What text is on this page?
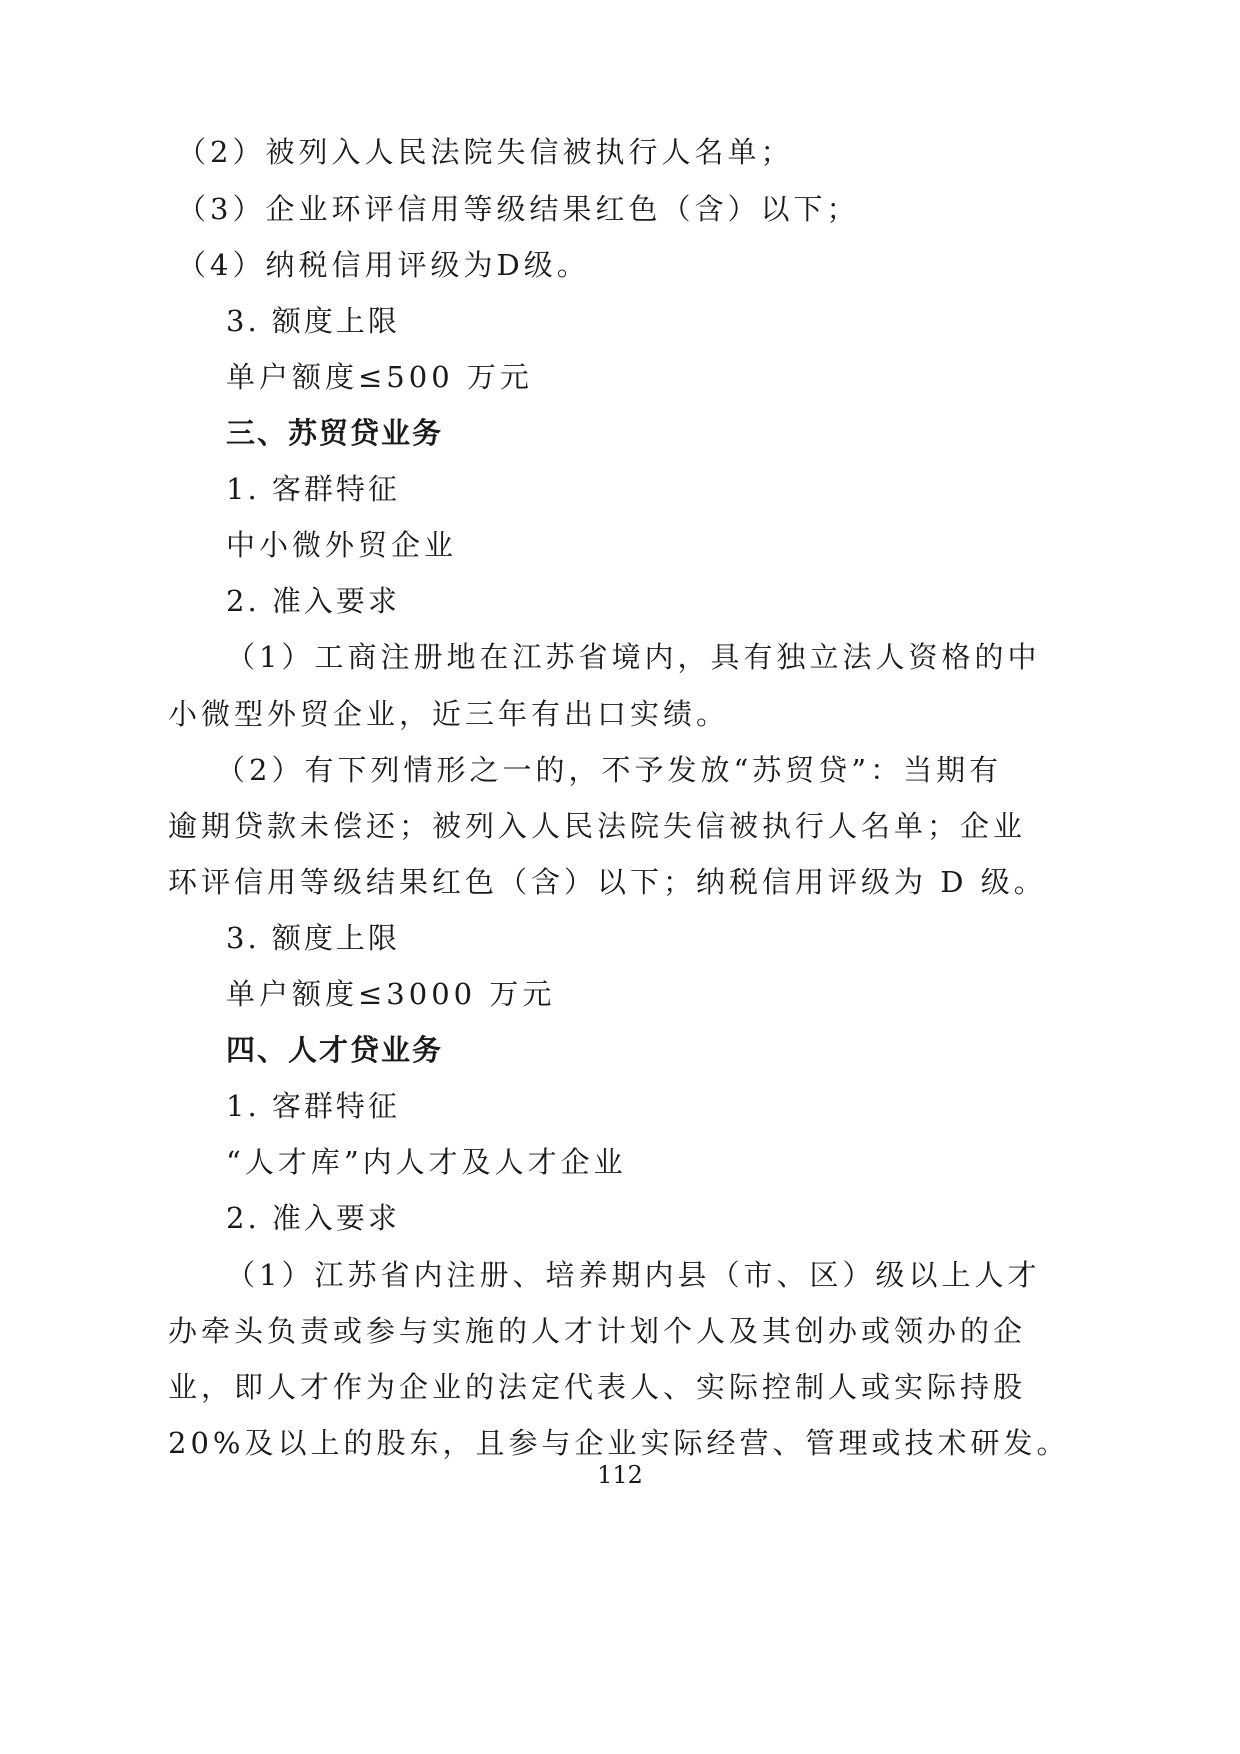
（2）被列入人民法院失信被执行人名单；
（3）企业环评信用等级结果红色（含）以下；
（4）纳税信用评级为D级。
3. 额度上限
单户额度≤500 万元
三、苏贸贷业务
1. 客群特征
中小微外贸企业
2. 准入要求
（1）工商注册地在江苏省境内，具有独立法人资格的中
小微型外贸企业，近三年有出口实绩。
（2）有下列情形之一的，不予发放“苏贸贷”：当期有
逾期贷款未偿还；被列入人民法院失信被执行人名单；企业
环评信用等级结果红色（含）以下；纳税信用评级为 D 级。
3. 额度上限
单户额度≤3000 万元
四、人才贷业务
1. 客群特征
“人才库”内人才及人才企业
2. 准入要求
（1）江苏省内注册、培养期内县（市、区）级以上人才
办牵头负责或参与实施的人才计划个人及其创办或领办的企
业，即人才作为企业的法定代表人、实际控制人或实际持股
20%及以上的股东，且参与企业实际经营、管理或技术研发。
112
